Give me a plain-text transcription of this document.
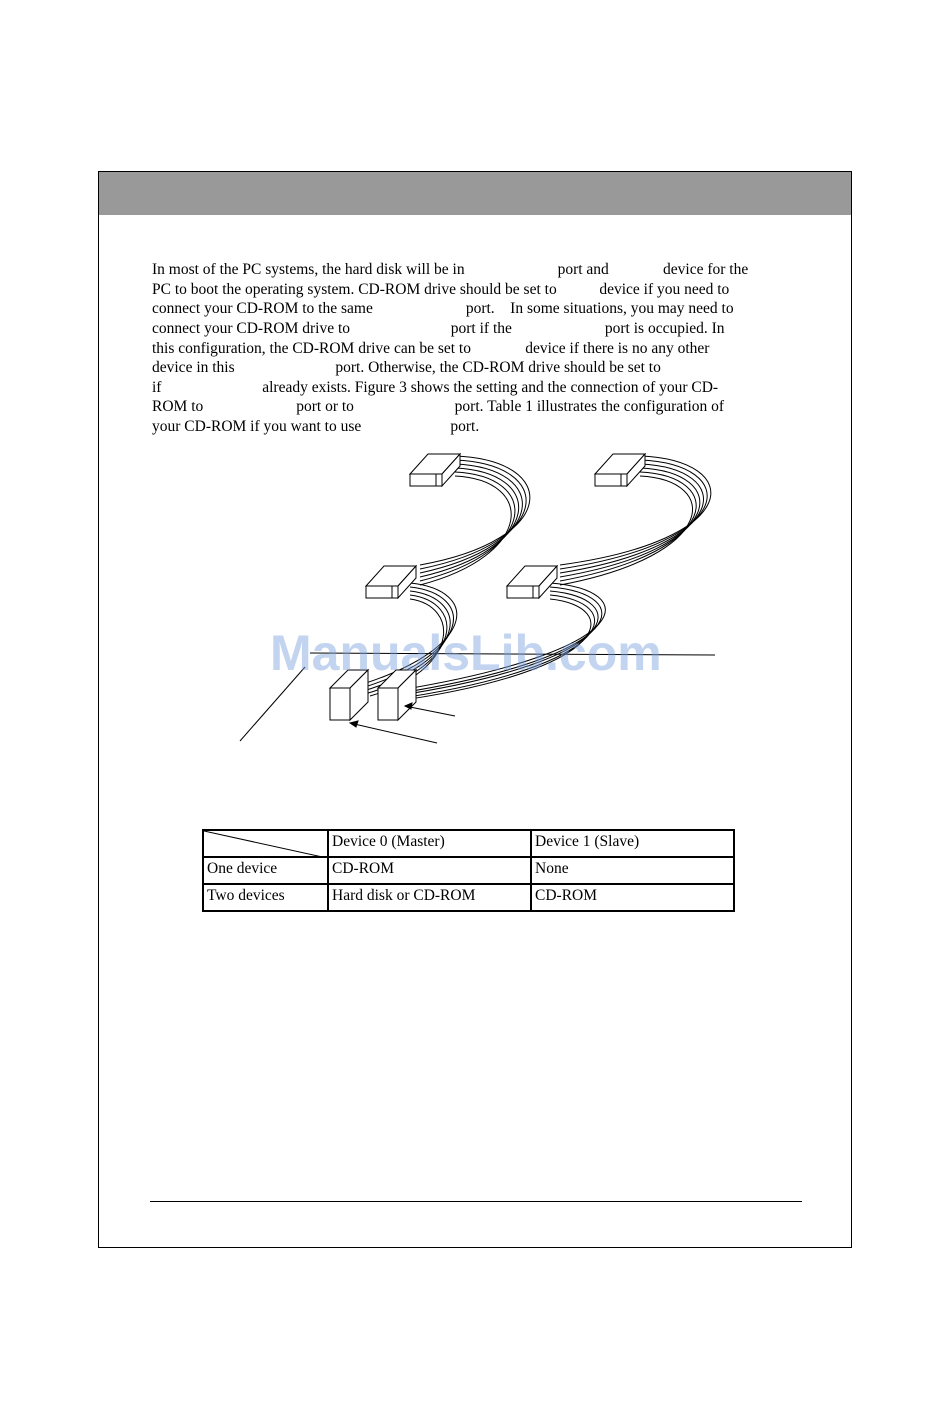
In most of the PC systems, the hard disk will be in                        port and              device for the
PC to boot the operating system. CD-ROM drive should be set to           device if you need to
connect your CD-ROM to the same                        port.    In some situations, you may need to
connect your CD-ROM drive to                          port if the                        port is occupied. In
this configuration, the CD-ROM drive can be set to              device if there is no any other
device in this                          port. Otherwise, the CD-ROM drive should be set to
if                          already exists. Figure 3 shows the setting and the connection of your CD-
ROM to                        port or to                          port. Table 1 illustrates the configuration of
your CD-ROM if you want to use                       port.
ManualsLib.com
	Device 0 (Master)	Device 1 (Slave)
One device	CD-ROM	None
Two devices	Hard disk or CD-ROM	CD-ROM
